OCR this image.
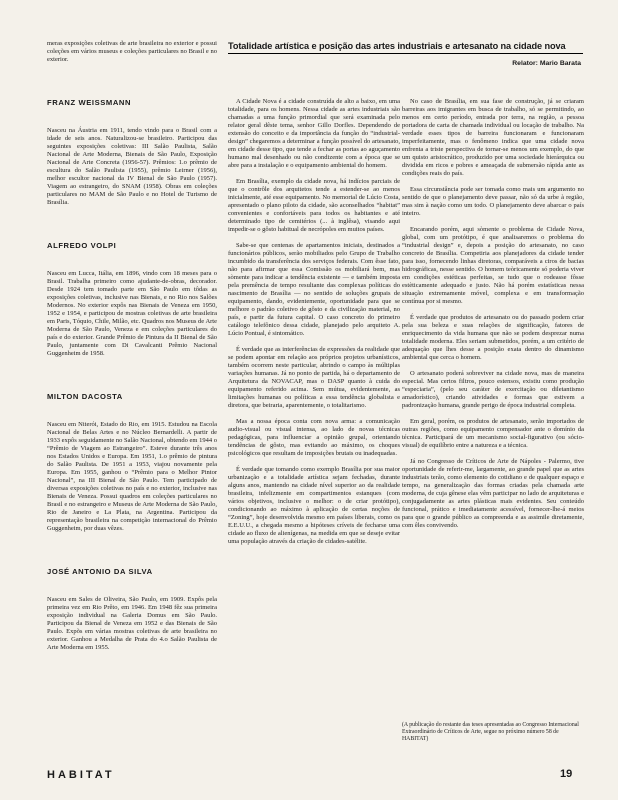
meras exposições coletivas de arte brasileira no exterior e possui coleções em vários museus e coleções particulares no Brasil e no exterior.

FRANZ WEISSMANN

Nasceu na Áustria em 1911, tendo vindo para o Brasil com a idade de seis anos. Naturalizou-se brasileiro. Participou das seguintes exposições coletivas: III Salão Paulista, Salão Nacional de Arte Moderna, Bienais de São Paulo, Exposição Nacional de Arte Concreta (1956-57). Prêmios: 1.o prêmio de escultura do Salão Paulista (1955), prêmio Leirner (1956), melhor escultor nacional da IV Bienal de São Paulo (1957). Viagem ao estrangeiro, do SNAM (1958). Obras em coleções particulares no MAM de São Paulo e no Hotel de Turismo de Brasília.

ALFREDO VOLPI

Nasceu em Lucca, Itália, em 1896, vindo com 18 meses para o Brasil. Trabalha primeiro como ajudante-de-obras, decorador. Desde 1924 tem tomado parte em São Paulo em tôdas as exposições coletivas, inclusive nas Bienais, e no Rio nos Salões Modernos. No exterior expôs nas Bienais de Veneza em 1950, 1952 e 1954, e participou de mostras coletivas de arte brasileira em Paris, Tóquio, Chile, Milão, etc. Quadros nos Museus de Arte Moderna de São Paulo, Veneza e em coleções particulares do país e do exterior. Grande Prêmio de Pintura da II Bienal de São Paulo, juntamente com Di Cavalcanti Prêmio Nacional Guggenheim de 1958.

MILTON DACOSTA

Nasceu em Niterói, Estado do Rio, em 1915. Estudou na Escola Nacional de Belas Artes e no Núcleo Bernardelli. A partir de 1933 expôs seguidamente no Salão Nacional, obtendo em 1944 o “Prêmio de Viagem ao Estrangeiro”. Esteve durante três anos nos Estados Unidos e Europa. Em 1951, 1.o prêmio de pintura do Salão Paulista. De 1951 a 1953, viajou novamente pela Europa. Em 1955, ganhou o “Prêmio para o Melhor Pintor Nacional”, na III Bienal de São Paulo. Tem participado de diversas exposições coletivas no país e no exterior, inclusive nas Bienais de Veneza. Possui quadros em coleções particulares no Brasil e no estrangeiro e Museus de Arte Moderna de São Paulo, Rio de Janeiro e La Plata, na Argentina. Participou da representação brasileira na competição internacional do Prêmio Guggenheim, por duas vêzes.

JOSÉ ANTONIO DA SILVA

Nasceu em Sales de Oliveira, São Paulo, em 1909. Expôs pela primeira vez em Rio Prêto, em 1946. Em 1948 fêz sua primeira exposição individual na Galeria Domus em São Paulo. Participou da Bienal de Veneza em 1952 e das Bienais de São Paulo. Expõs em várias mostras coletivas de arte brasileira no exterior. Ganhou a Medalha de Prata do 4.o Salão Paulista de Arte Moderna em 1955.

Totalidade artística e posição das artes industriais e artesanato na cidade nova
Relator: Mario Barata

A Cidade Nova é a cidade construída de alto a baixo, em uma totalidade, para os homens. Nessa cidade as artes industriais são chamadas a uma função primordial que será examinada pelo relator geral dêste tema, senhor Gillo Dorfles. Dependendo de extensão do conceito e da importância da função do “industrial-design” chegaremos a determinar a função possível do artesanato, em cidade desse tipo, que tende a fechar as portas ao aguçamento humano mal desenhado ou não condizente com a época que se abre para a instalação e o equipamento ambiental do homem.

Em Brasília, exemplo da cidade nova, há indícios parciais de que o contrôle dos arquitetos tende a estender-se ao menos inicialmente, até esse equipamento. No memorial de Lúcio Costa, apresentado o plano piloto da cidade, são aconselhados “habitat” convenientes e confortáveis para todos os habitantes e até determinado tipo de cemitérios (... à inglêsa), visando aqui impedir-se o gôsto habitual de necrópoles em muitos países.

Sabe-se que centenas de apartamentos iniciais, destinados a funcionários públicos, serão mobiliados pelo Grupo de Trabalho incumbido da transferência dos serviços federais. Com êsse fato, não para afirmar que essa Comissão os mobiliará bem, mas sòmente para indicar a tendência existente — e também imposta pela premência de tempo resultante das complexas políticas do nascimento de Brasília — no sentido de soluções grupais de equipamento, dando, evidentemente, oportunidade para que se melhore o padrão coletivo de gôsto e da civilização material, no país, e partir da futura capital. O caso concreto do primeiro catálogo telefônico dessa cidade, planejado pelo arquiteto A. Lúcio Pontual, é sintomático.

É verdade que as interferências de expressões da realidade que se podem apontar em relação aos próprios projetos urbanísticos, também ocorrem neste particular, abrindo o campo às múltiplas variações humanas. Já no ponto de partida, há o departamento de Arquitetura da NOVACAP, mas o DASP quanto à cuida do equipamento referido acima. Sem mútua, evidentemente, as limitações humanas ou políticas a essa tendência globalista e diretora, que beiraria, aparentemente, o totalitarismo.

Mas a nossa época conta com nova arma: a comunicação audio-visual ou visual intensa, ao lado de novas técnicas pedagógicas, para influenciar a opinião grupal, orientando tendências de gôsto, mas evitando ao máximo, os choques psicológicos que resultam de imposições brutais ou inadequadas.

É verdade que tomando como exemplo Brasília por sua maior urbanização e a totalidade artística sejam fechadas, durante alguns anos, mantendo na cidade nível superior ao da realidade brasileira, infelizmente em compartimentos estanques (com vários objetivos, inclusive o melhor: o de criar protótipo), condicionando ao máximo à aplicação de certas noções de “Zoning”, hoje desenvolvida mesmo em países liberais, como os E.E.U.U., a chegada mesmo a hipóteses críveis de fecharse uma cidade ao fluxo de alienígenas, na medida em que se deseje evitar uma população através da criação de cidades-satélite.

No caso de Brasília, em sua fase de construção, já se criaram barreiras aos imigrantes em busca de trabalho, só se permitindo, ao menos em certo período, entrada por terra, na região, a pessoa portadora de carta de chamada individual ou locação de trabalho. Na verdade esses tipos de barreira funcionaram e funcionaram imperfeitamente, mas o fenômeno indica que uma cidade nova enfrenta a triste perspectiva de tornar-se menos um exemplo, do que um quisto aristocrático, produzido por uma sociedade hierárquica ou dividida em ricos e pobres e ameaçada de submersão rápida ante as condições reais do país.

Essa circunstância pode ser tomada como mais um argumento no sentido de que o planejamento deve passar, não só da urbe à região, mas sim à nação como um todo. O planejamento deve abarcar o país inteiro.

Encarando porém, aqui sòmente o problema de Cidade Nova, global, com um protótipo, é que analisaremos o problema do “industrial design” e, depois a posição do artesanato, no caso concreto de Brasília. Competiria aos planejadores da cidade tender para isso, fornecendo linhas diretoras, comparáveis a ciros de bacias hidrográficas, nesse sentido. O homem teòricamente só poderia viver em condições estéticas perfeitas, se tudo que o rodeasse fôsse estèticamente adequado e justo. Não há porém estatísticas nessa situação extremamente móvel, complexa e em transformação contínua por si mesmo.

É verdade que produtos de artesanato ou do passado podem criar pela sua beleza e suas relações de significação, fatores de enriquecimento da vida humana que não se podem desprezar numa totalidade moderna. Eles seriam submetidos, porém, a um critério de adequação que lhes desse a posição exata dentro do dinamismo ambiental que cerca o homem.

O artesanato poderá sobreviver na cidade nova, mas de maneira especial. Mas certos filtros, pouco estensos, existiu como produção “especiaria”, (pelo seu caráter de exercitação ou diletantismo amadorístico), criando atividades e formas que estivem a padronização humana, grande perigo de época industrial completa.

Em geral, porém, os produtos de artesanato, serão importados de outras regiões, como equipamento compensador ante o domínio da técnica. Participará de um mecanismo social-figurativo (ou sócio-visual) de equilíbrio entre a natureza e a técnica.

Já no Congresso de Críticos de Arte de Nápoles - Palermo, tive oportunidade de referir-me, largamente, ao grande papel que as artes industriais terão, como elemento do cotidiano e de qualquer espaço e tempo, na generalização das formas criadas pela chamada arte moderna, de cuja gênese elas vêm participar no lado de arquiteturas e conjugadamente as artes plásticas mais evidentes. Seu conteúdo funcional, prático e imediatamente acessível, fornecer-lhe-á meios para que o grande público as compreenda e as assimile diretamente, com êles convivendo.

(A publicação do restante das teses apresentadas ao Congresso Internacional Extraordinário de Críticos de Arte, segue no próximo número 58 de HABITAT)
HABITAT	19
